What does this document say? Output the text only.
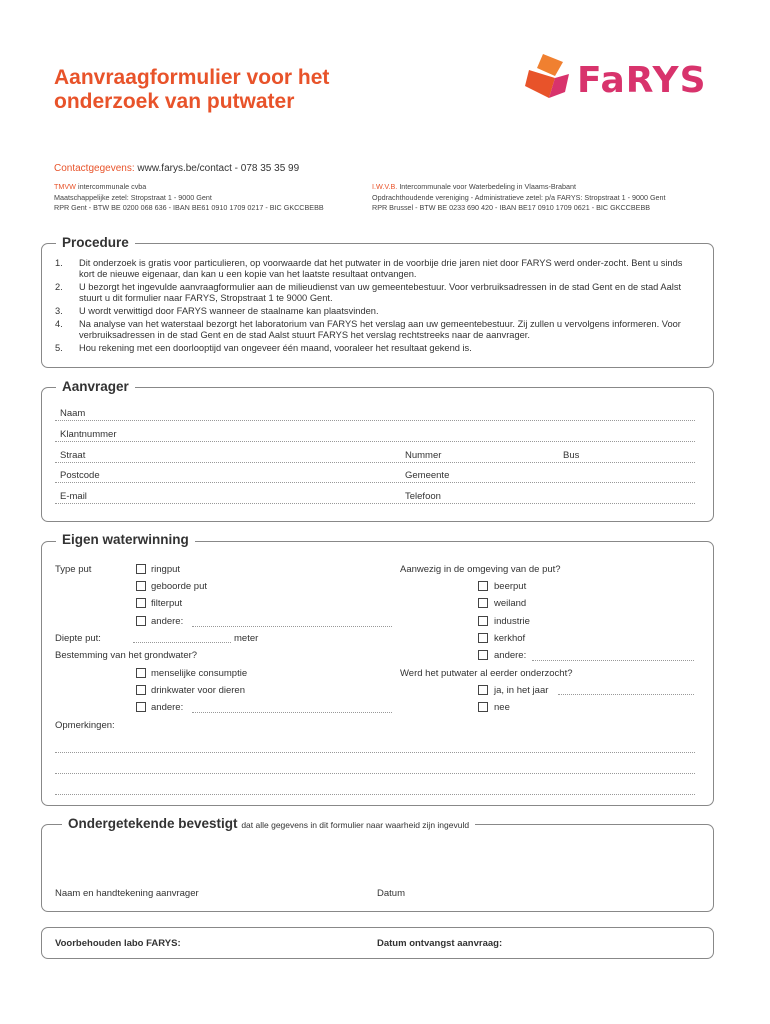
Aanvraagformulier voor het
onderzoek van putwater
FaRYS
Contactgegevens: www.farys.be/contact - 078 35 35 99
TMVW intercommunale cvba
Maatschappelijke zetel: Stropstraat 1 - 9000 Gent
RPR Gent - BTW BE 0200 068 636 - IBAN BE61 0910 1709 0217 - BIC GKCCBEBB
I.W.V.B. Intercommunale voor Waterbedeling in Vlaams-Brabant
Opdrachthoudende vereniging - Administratieve zetel: p/a FARYS: Stropstraat 1 - 9000 Gent
RPR Brussel - BTW BE 0233 690 420 - IBAN BE17 0910 1709 0621 - BIC GKCCBEBB
Procedure
1.	Dit onderzoek is gratis voor particulieren, op voorwaarde dat het putwater in de voorbije drie jaren niet door FARYS werd onder-zocht. Bent u sinds kort de nieuwe eigenaar, dan kan u een kopie van het laatste resultaat ontvangen.
2.	U bezorgt het ingevulde aanvraagformulier aan de milieudienst van uw gemeentebestuur. Voor verbruiksadressen in de stad Gent en de stad Aalst stuurt u dit formulier naar FARYS, Stropstraat 1 te 9000 Gent.
3.	U wordt verwittigd door FARYS wanneer de staalname kan plaatsvinden.
4.	Na analyse van het waterstaal bezorgt het laboratorium van FARYS het verslag aan uw gemeentebestuur. Zij zullen u vervolgens informeren. Voor verbruiksadressen in de stad Gent en de stad Aalst stuurt FARYS het verslag rechtstreeks naar de aanvrager.
5.	Hou rekening met een doorlooptijd van ongeveer één maand, vooraleer het resultaat gekend is.
Aanvrager
Naam
Klantnummer
Straat	Nummer	Bus
Postcode	Gemeente
E-mail	Telefoon
Eigen waterwinning
Type put	ringput
geboorde put
filterput
andere:
Diepte put:	meter
Bestemming van het grondwater?
menselijke consumptie
drinkwater voor dieren
andere:
Aanwezig in de omgeving van de put?
beerput
weiland
industrie
kerkhof
andere:
Werd het putwater al eerder onderzocht?
ja, in het jaar
nee
Opmerkingen:
Ondergetekende bevestigt dat alle gegevens in dit formulier naar waarheid zijn ingevuld
Naam en handtekening aanvrager	Datum
Voorbehouden labo FARYS:	Datum ontvangst aanvraag:
